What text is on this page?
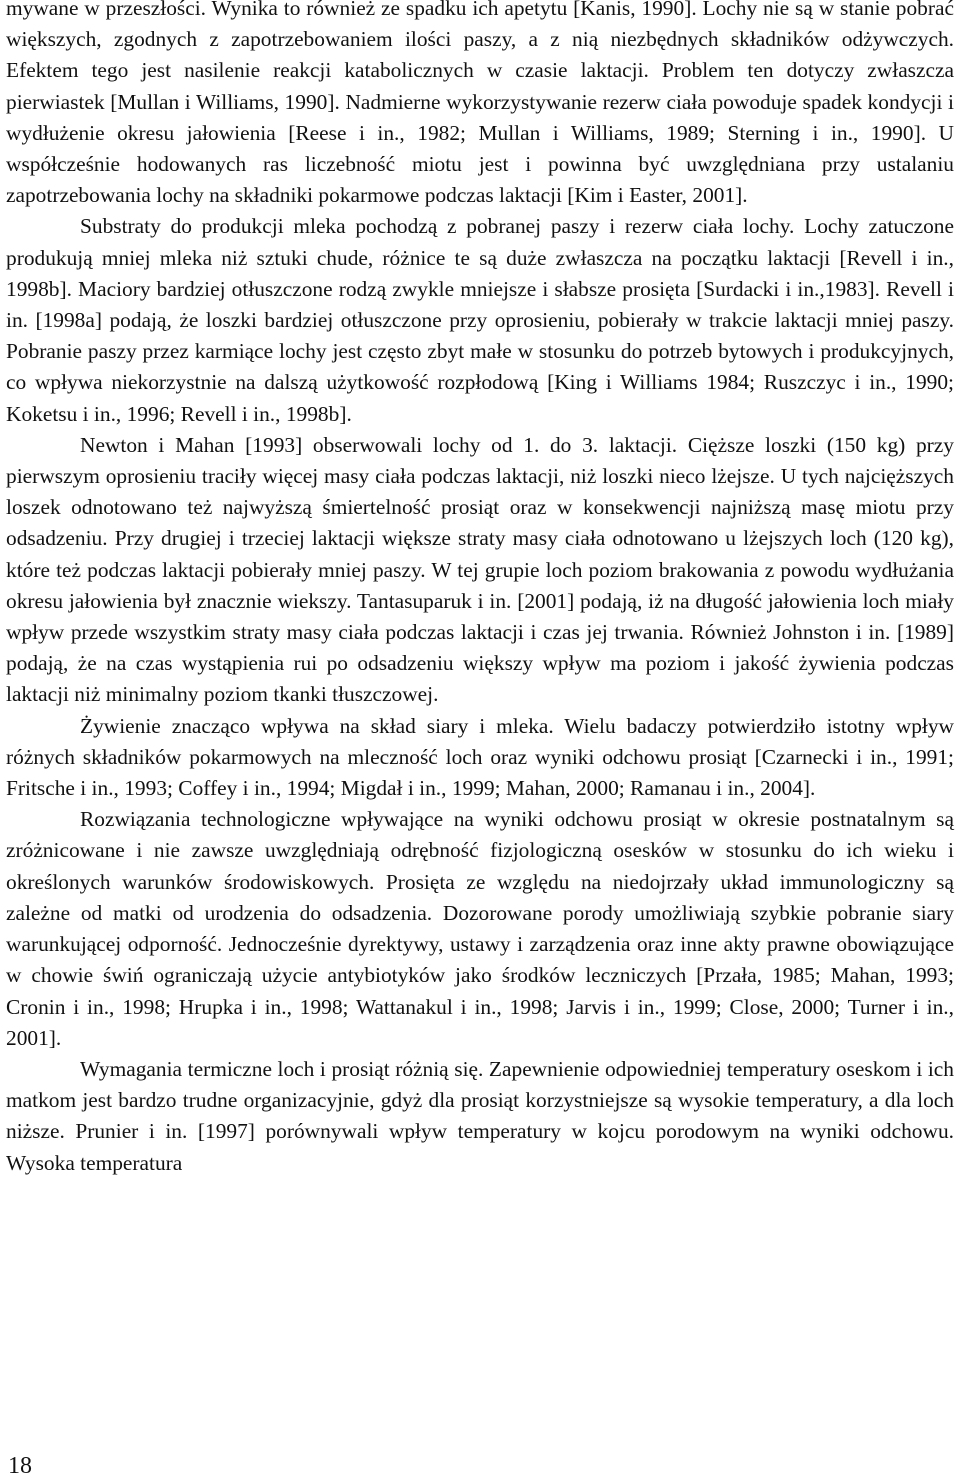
mywane w przeszłości. Wynika to również ze spadku ich apetytu [Kanis, 1990]. Lochy nie są w stanie pobrać większych, zgodnych z zapotrzebowaniem ilości paszy, a z nią niezbędnych składników odżywczych. Efektem tego jest nasilenie reakcji katabolicznych w czasie laktacji. Problem ten dotyczy zwłaszcza pierwiastek [Mullan i Williams, 1990]. Nadmierne wykorzystywanie rezerw ciała powoduje spadek kondycji i wydłużenie okresu jałowienia [Reese i in., 1982; Mullan i Williams, 1989; Sterning i in., 1990]. U współcześnie hodowanych ras liczebność miotu jest i powinna być uwzględniana przy ustalaniu zapotrzebowania lochy na składniki pokarmowe podczas laktacji [Kim i Easter, 2001].

Substraty do produkcji mleka pochodzą z pobranej paszy i rezerw ciała lochy. Lochy zatuczone produkują mniej mleka niż sztuki chude, różnice te są duże zwłaszcza na początku laktacji [Revell i in., 1998b]. Maciory bardziej otłuszczone rodzą zwykle mniejsze i słabsze prosięta [Surdacki i in.,1983]. Revell i in. [1998a] podają, że loszki bardziej otłuszczone przy oprosieniu, pobierały w trakcie laktacji mniej paszy. Pobranie paszy przez karmiące lochy jest często zbyt małe w stosunku do potrzeb bytowych i produkcyjnych, co wpływa niekorzystnie na dalszą użytkowość rozpłodową [King i Williams 1984; Ruszczyc i in., 1990; Koketsu i in., 1996; Revell i in., 1998b].

Newton i Mahan [1993] obserwowali lochy od 1. do 3. laktacji. Cięższe loszki (150 kg) przy pierwszym oprosieniu traciły więcej masy ciała podczas laktacji, niż loszki nieco lżejsze. U tych najcięższych loszek odnotowano też najwyższą śmiertelność prosiąt oraz w konsekwencji najniższą masę miotu przy odsadzeniu. Przy drugiej i trzeciej laktacji większe straty masy ciała odnotowano u lżejszych loch (120 kg), które też podczas laktacji pobierały mniej paszy. W tej grupie loch poziom brakowania z powodu wydłużania okresu jałowienia był znacznie wiekszy. Tantasuparuk i in. [2001] podają, iż na długość jałowienia loch miały wpływ przede wszystkim straty masy ciała podczas laktacji i czas jej trwania. Również Johnston i in. [1989] podają, że na czas wystąpienia rui po odsadzeniu większy wpływ ma poziom i jakość żywienia podczas laktacji niż minimalny poziom tkanki tłuszczowej.

Żywienie znacząco wpływa na skład siary i mleka. Wielu badaczy potwierdziło istotny wpływ różnych składników pokarmowych na mleczność loch oraz wyniki odchowu prosiąt [Czarnecki i in., 1991; Fritsche i in., 1993; Coffey i in., 1994; Migdał i in., 1999; Mahan, 2000; Ramanau i in., 2004].

Rozwiązania technologiczne wpływające na wyniki odchowu prosiąt w okresie postnatalnym są zróżnicowane i nie zawsze uwzględniają odrębność fizjologiczną osesków w stosunku do ich wieku i określonych warunków środowiskowych. Prosięta ze względu na niedojrzały układ immunologiczny są zależne od matki od urodzenia do odsadzenia. Dozorowane porody umożliwiają szybkie pobranie siary warunkującej odporność. Jednocześnie dyrektywy, ustawy i zarządzenia oraz inne akty prawne obowiązujące w chowie świń ograniczają użycie antybiotyków jako środków leczniczych [Przała, 1985; Mahan, 1993; Cronin i in., 1998; Hrupka i in., 1998; Wattanakul i in., 1998; Jarvis i in., 1999; Close, 2000; Turner i in., 2001].

Wymagania termiczne loch i prosiąt różnią się. Zapewnienie odpowiedniej temperatury oseskom i ich matkom jest bardzo trudne organizacyjnie, gdyż dla prosiąt korzystniejsze są wysokie temperatury, a dla loch niższe. Prunier i in. [1997] porównywali wpływ temperatury w kojcu porodowym na wyniki odchowu. Wysoka temperatura

18
